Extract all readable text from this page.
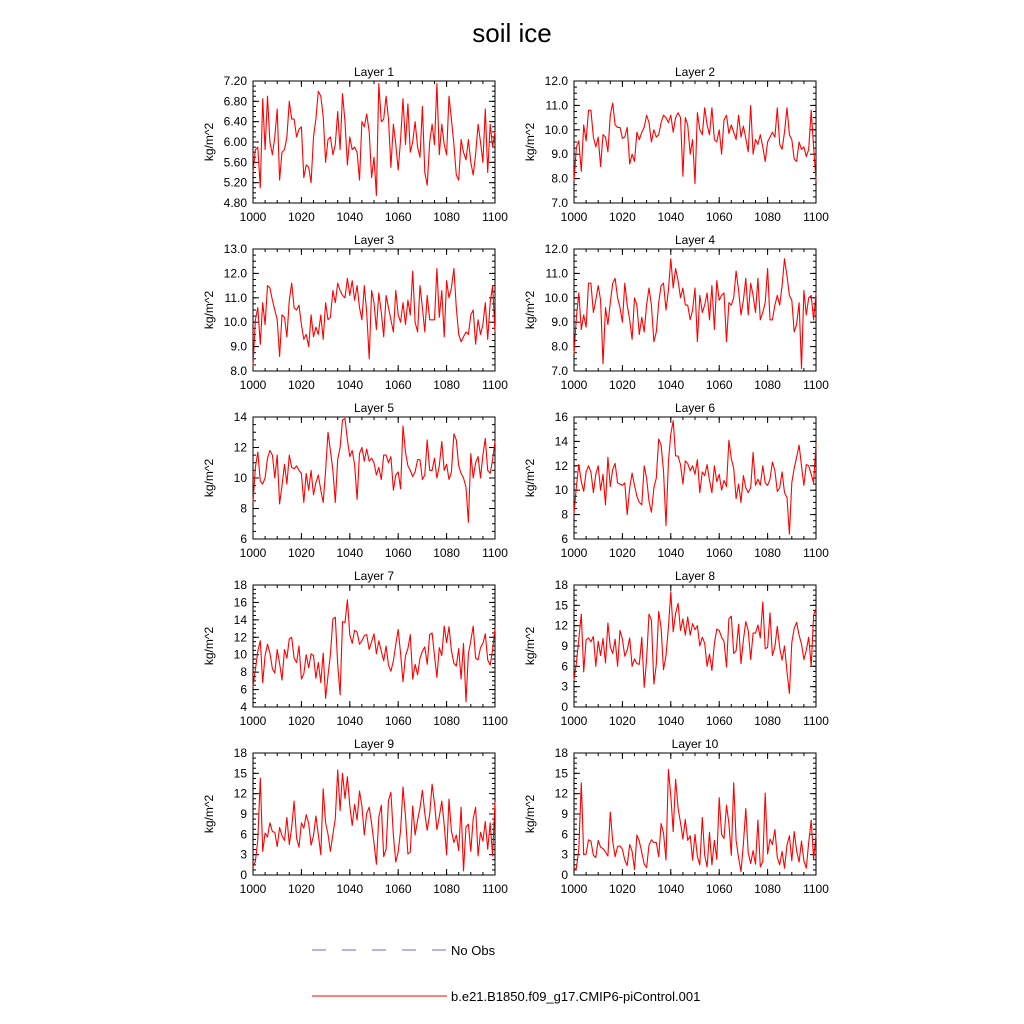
soil ice
Layer 1
kg/m^2
1000 1020 1040 1060 1080 1100
4.80
5.20
5.60
6.00
6.40
6.80
7.20
Layer 2
kg/m^2
1000 1020 1040 1060 1080 1100
7.0
8.0
9.0
10.0
11.0
12.0
Layer 3
kg/m^2
1000 1020 1040 1060 1080 1100
8.0
9.0
10.0
11.0
12.0
13.0
Layer 4
kg/m^2
1000 1020 1040 1060 1080 1100
7.0
8.0
9.0
10.0
11.0
12.0
Layer 5
kg/m^2
1000 1020 1040 1060 1080 1100
6
8
10
12
14
Layer 6
kg/m^2
1000 1020 1040 1060 1080 1100
6
8
10
12
14
16
Layer 7
kg/m^2
1000 1020 1040 1060 1080 1100
4
6
8
10
12
14
16
18
Layer 8
kg/m^2
1000 1020 1040 1060 1080 1100
0
3
6
9
12
15
18
Layer 9
kg/m^2
1000 1020 1040 1060 1080 1100
0
3
6
9
12
15
18
Layer 10
kg/m^2
1000 1020 1040 1060 1080 1100
0
3
6
9
12
15
18
No Obs
b.e21.B1850.f09_g17.CMIP6-piControl.001
